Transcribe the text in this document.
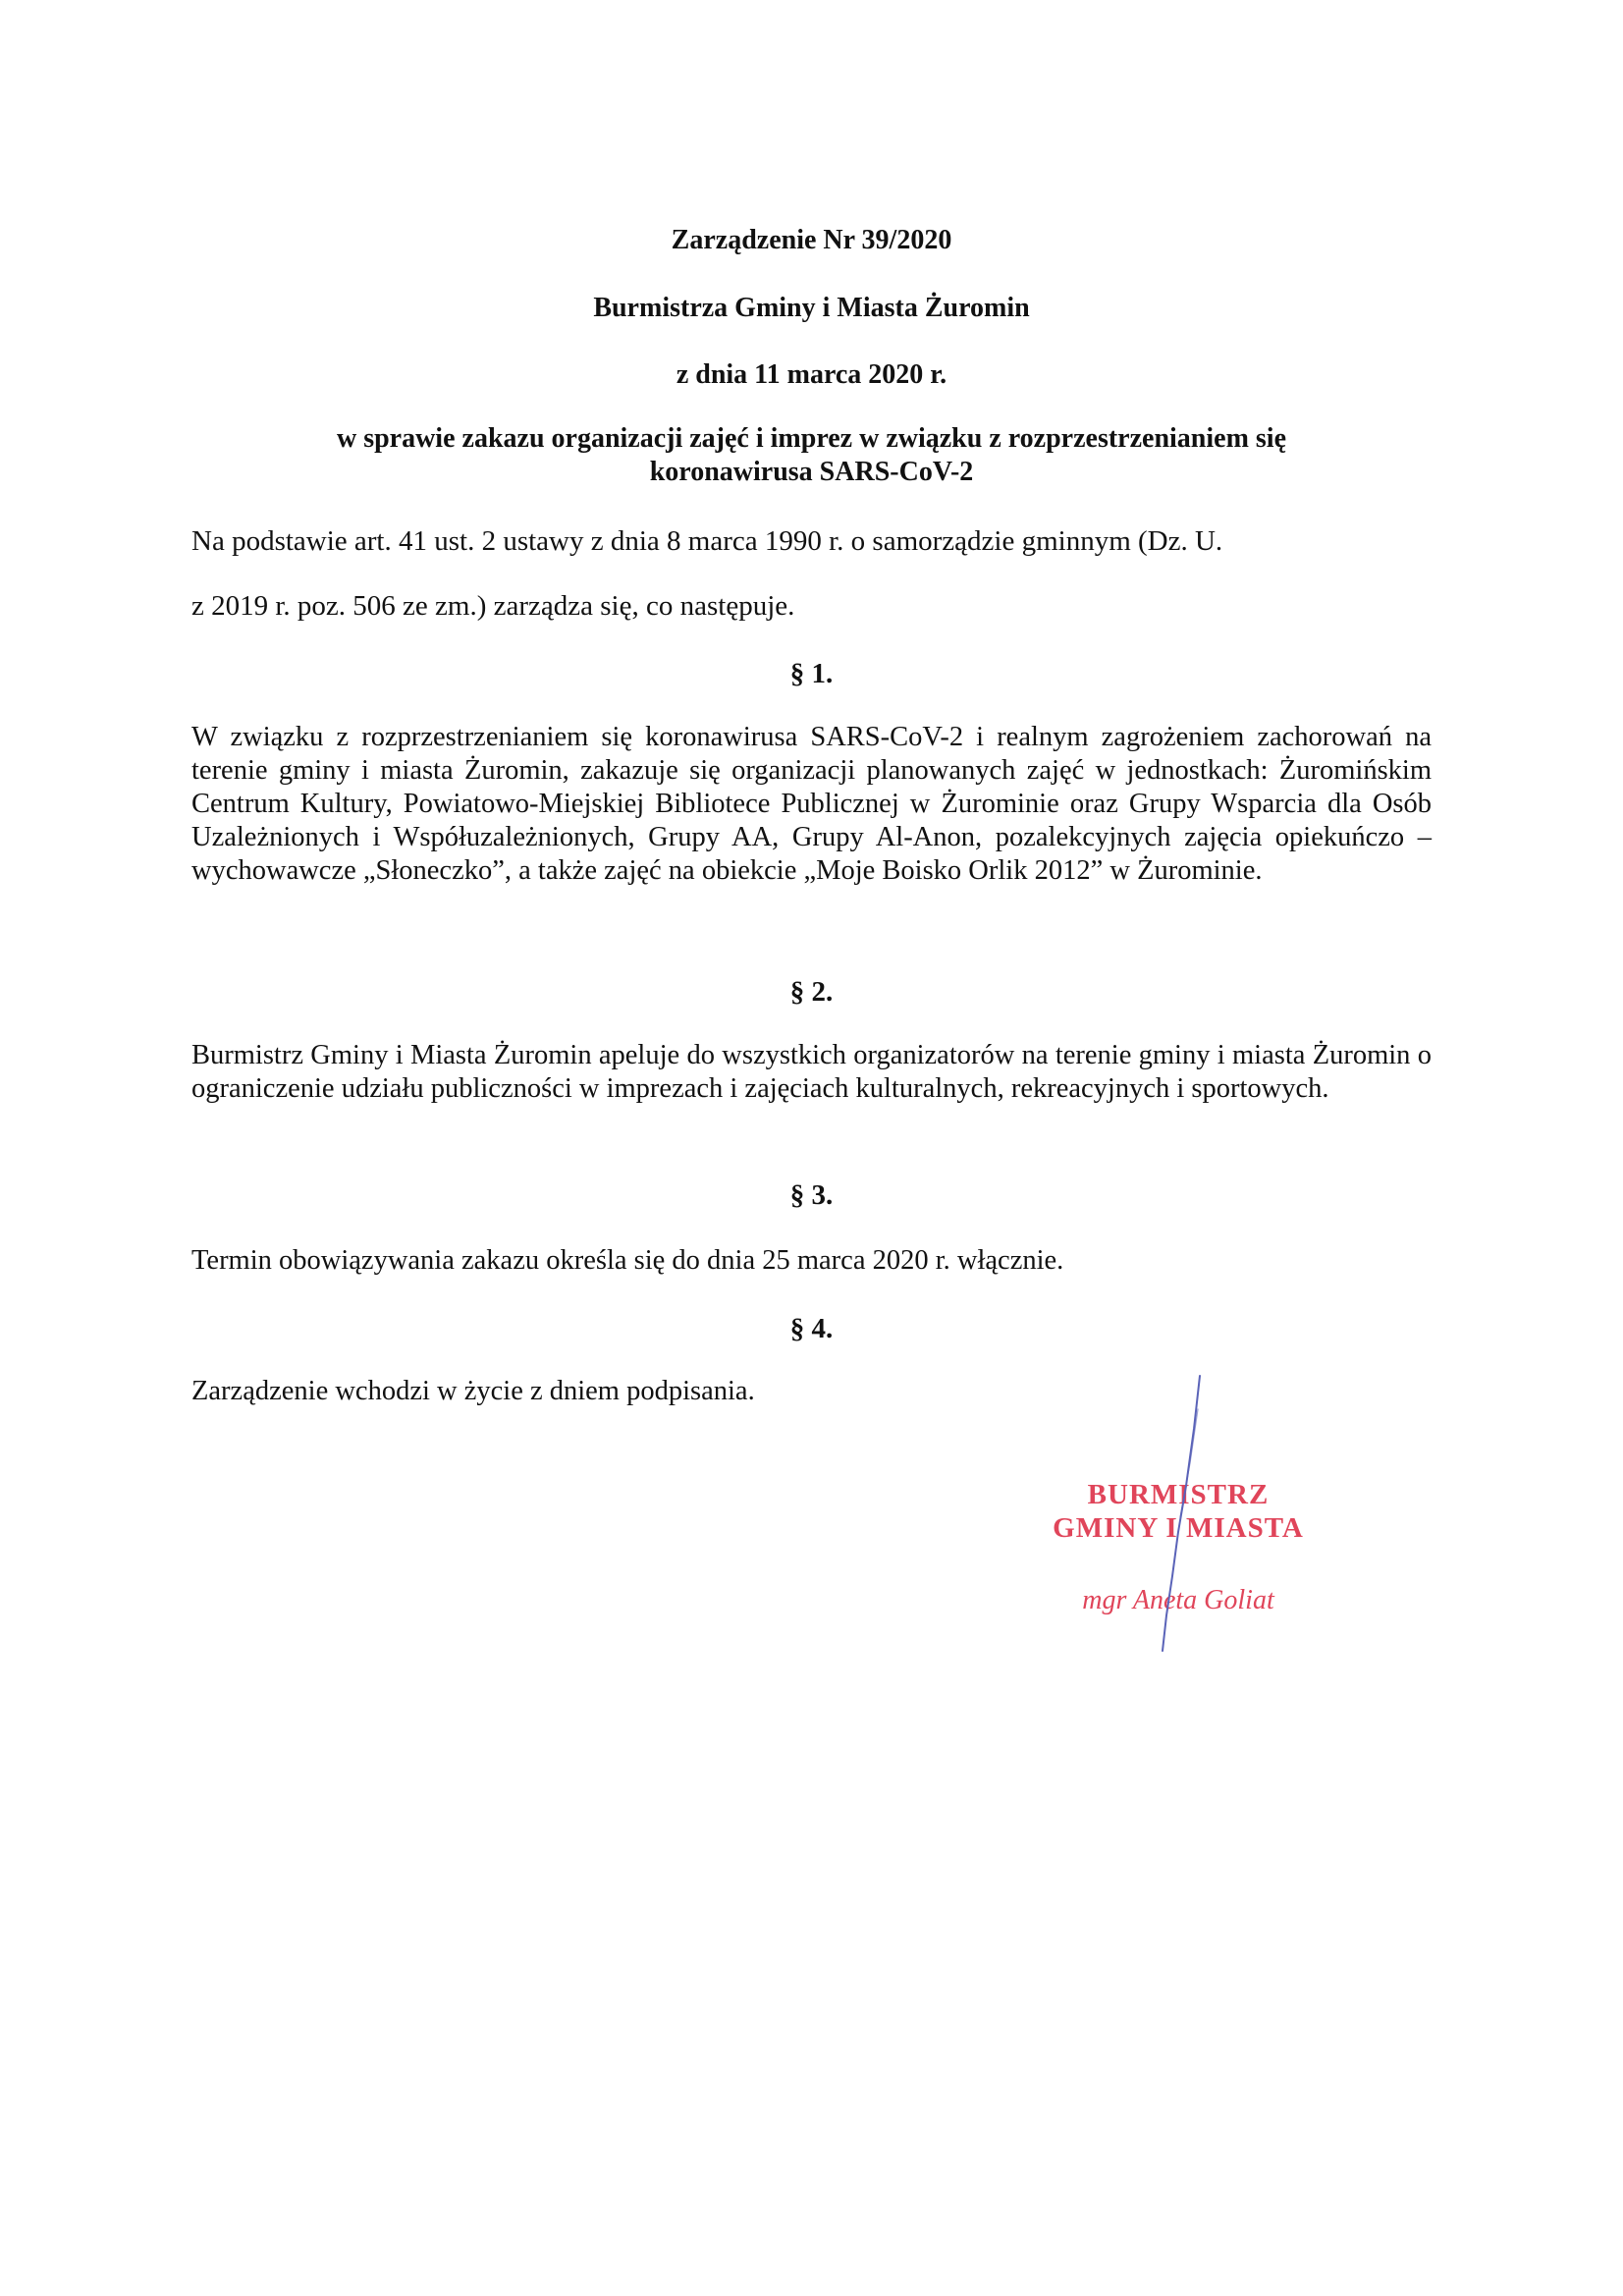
Zarządzenie Nr 39/2020
Burmistrza Gminy i Miasta Żuromin
z dnia 11 marca 2020 r.
w sprawie zakazu organizacji zajęć i imprez w związku z rozprzestrzenianiem się
koronawirusa SARS-CoV-2
Na podstawie art. 41 ust. 2 ustawy z dnia 8 marca 1990 r. o samorządzie gminnym (Dz. U.
z 2019 r. poz. 506 ze zm.) zarządza się, co następuje.
§ 1.
W związku z rozprzestrzenianiem się koronawirusa SARS-CoV-2 i realnym zagrożeniem zachorowań na terenie gminy i miasta Żuromin, zakazuje się organizacji planowanych zajęć w jednostkach: Żuromińskim Centrum Kultury, Powiatowo-Miejskiej Bibliotece Publicznej w Żurominie oraz Grupy Wsparcia dla Osób Uzależnionych i Współuzależnionych, Grupy AA, Grupy Al-Anon, pozalekcyjnych zajęcia opiekuńczo – wychowawcze „Słoneczko”, a także zajęć na obiekcie „Moje Boisko Orlik 2012” w Żurominie.
§ 2.
Burmistrz Gminy i Miasta Żuromin apeluje do wszystkich organizatorów na terenie gminy i miasta Żuromin o ograniczenie udziału publiczności w imprezach i zajęciach kulturalnych, rekreacyjnych i sportowych.
§ 3.
Termin obowiązywania zakazu określa się do dnia 25 marca 2020 r. włącznie.
§ 4.
Zarządzenie wchodzi w życie z dniem podpisania.
BURMISTRZ
GMINY I MIASTA
mgr Aneta Goliat
